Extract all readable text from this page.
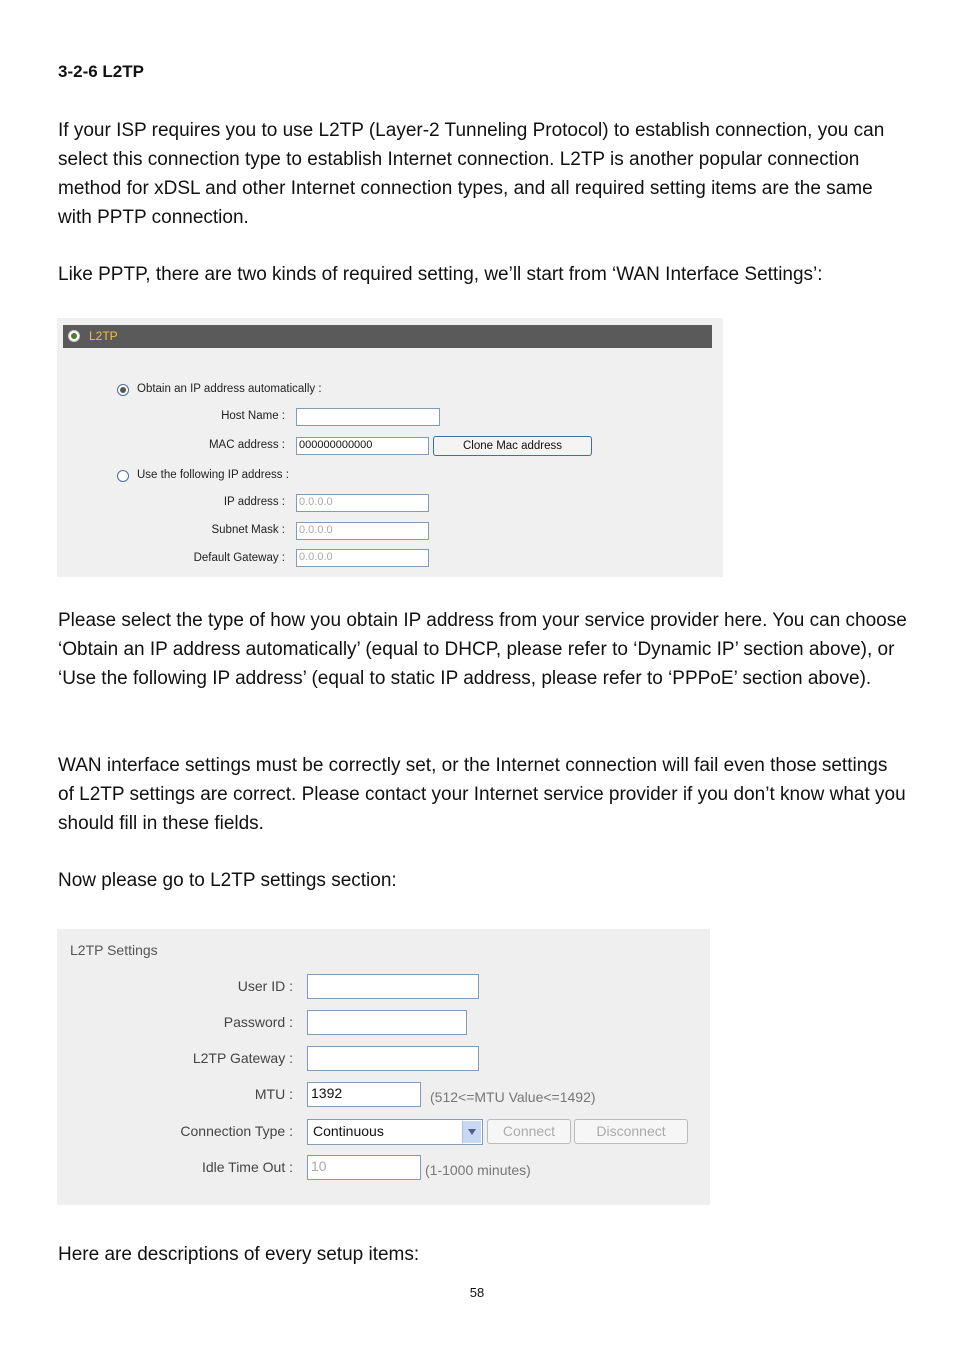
3-2-6 L2TP

If your ISP requires you to use L2TP (Layer-2 Tunneling Protocol) to establish connection, you can select this connection type to establish Internet connection. L2TP is another popular connection method for xDSL and other Internet connection types, and all required setting items are the same with PPTP connection.

Like PPTP, there are two kinds of required setting, we’ll start from ‘WAN Interface Settings’:

L2TP
Obtain an IP address automatically :
Host Name :
MAC address : 000000000000	Clone Mac address
Use the following IP address :
IP address : 0.0.0.0
Subnet Mask : 0.0.0.0
Default Gateway : 0.0.0.0

Please select the type of how you obtain IP address from your service provider here. You can choose ‘Obtain an IP address automatically’ (equal to DHCP, please refer to ‘Dynamic IP’ section above), or ‘Use the following IP address’ (equal to static IP address, please refer to ‘PPPoE’ section above).

WAN interface settings must be correctly set, or the Internet connection will fail even those settings of L2TP settings are correct. Please contact your Internet service provider if you don’t know what you should fill in these fields.

Now please go to L2TP settings section:

L2TP Settings
User ID :
Password :
L2TP Gateway :
MTU : 1392	(512<=MTU Value<=1492)
Connection Type :	Continuous	Connect	Disconnect
Idle Time Out : 10	(1-1000 minutes)

Here are descriptions of every setup items:

58
